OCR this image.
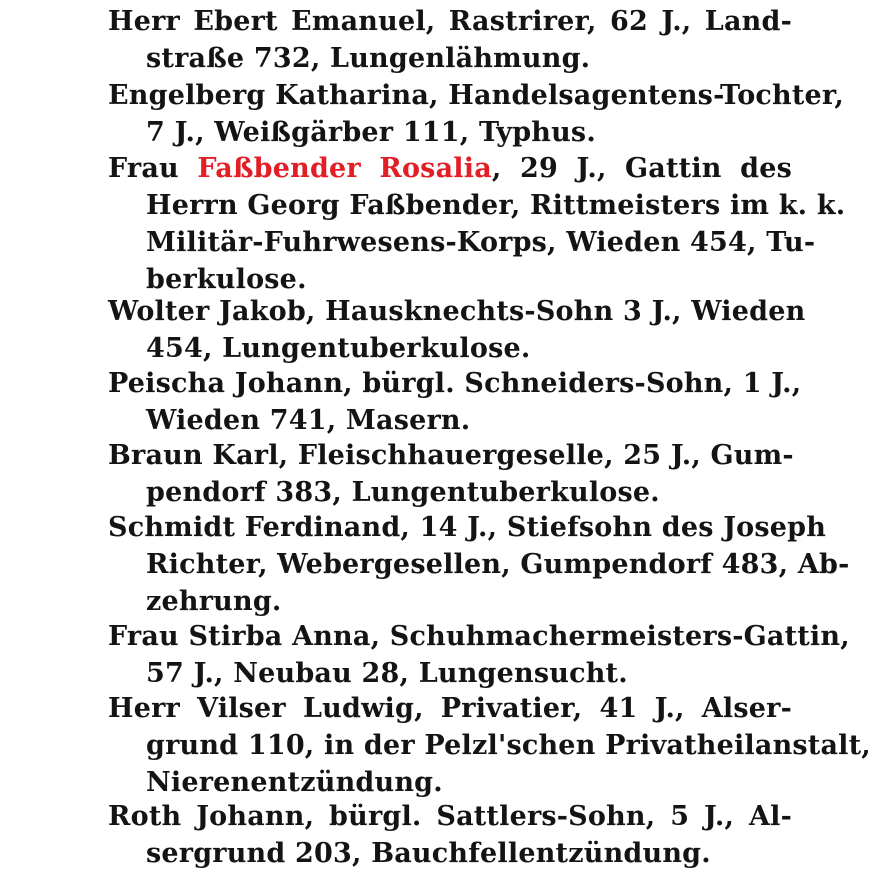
Herr Ebert Emanuel, Rastrirer, 62 J., Land-
straße 732, Lungenlähmung.
Engelberg Katharina, Handelsagentens-Tochter,
7 J., Weißgärber 111, Typhus.
Frau Faßbender Rosalia, 29 J., Gattin des
Herrn Georg Faßbender, Rittmeisters im k. k.
Militär-Fuhrwesens-Korps, Wieden 454, Tu-
berkulose.
Wolter Jakob, Hausknechts-Sohn 3 J., Wieden
454, Lungentuberkulose.
Peischa Johann, bürgl. Schneiders-Sohn, 1 J.,
Wieden 741, Masern.
Braun Karl, Fleischhauergeselle, 25 J., Gum-
pendorf 383, Lungentuberkulose.
Schmidt Ferdinand, 14 J., Stiefsohn des Joseph
Richter, Webergesellen, Gumpendorf 483, Ab-
zehrung.
Frau Stirba Anna, Schuhmachermeisters-Gattin,
57 J., Neubau 28, Lungensucht.
Herr Vilser Ludwig, Privatier, 41 J., Alser-
grund 110, in der Pelzl'schen Privatheilanstalt,
Nierenentzündung.
Roth Johann, bürgl. Sattlers-Sohn, 5 J., Al-
sergrund 203, Bauchfellentzündung.
